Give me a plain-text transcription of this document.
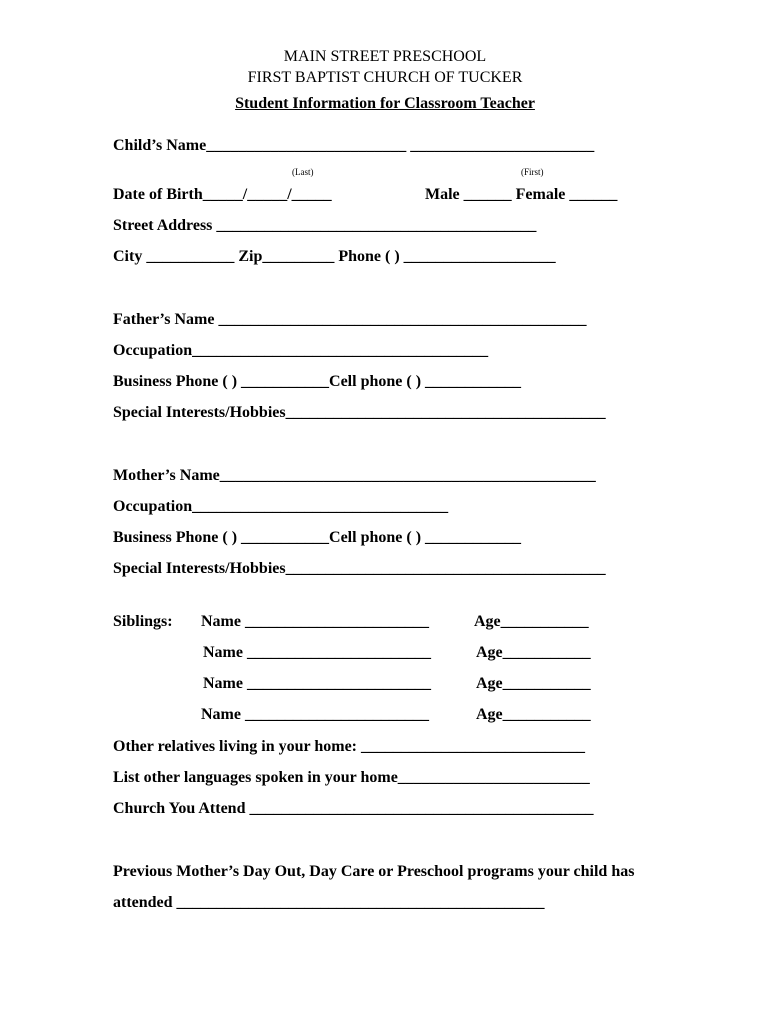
MAIN STREET PRESCHOOL
FIRST BAPTIST CHURCH OF TUCKER
Student Information for Classroom Teacher
Child’s Name_________________________ _______________________
(Last)	(First)
Date of Birth_____/_____/_____	Male ______ Female ______
Street Address ________________________________________
City ___________ Zip_________ Phone ( ) ___________________
Father’s Name ______________________________________________
Occupation_____________________________________
Business Phone ( ) ___________Cell phone ( ) ____________
Special Interests/Hobbies________________________________________
Mother’s Name_______________________________________________
Occupation________________________________
Business Phone ( ) ___________Cell phone ( ) ____________
Special Interests/Hobbies________________________________________
Siblings: Name _______________________	Age___________
Name _______________________	Age___________
Name _______________________	Age___________
Name _______________________	Age___________
Other relatives living in your home: ____________________________
List other languages spoken in your home________________________
Church You Attend ___________________________________________
Previous Mother’s Day Out, Day Care or Preschool programs your child has
attended ______________________________________________
